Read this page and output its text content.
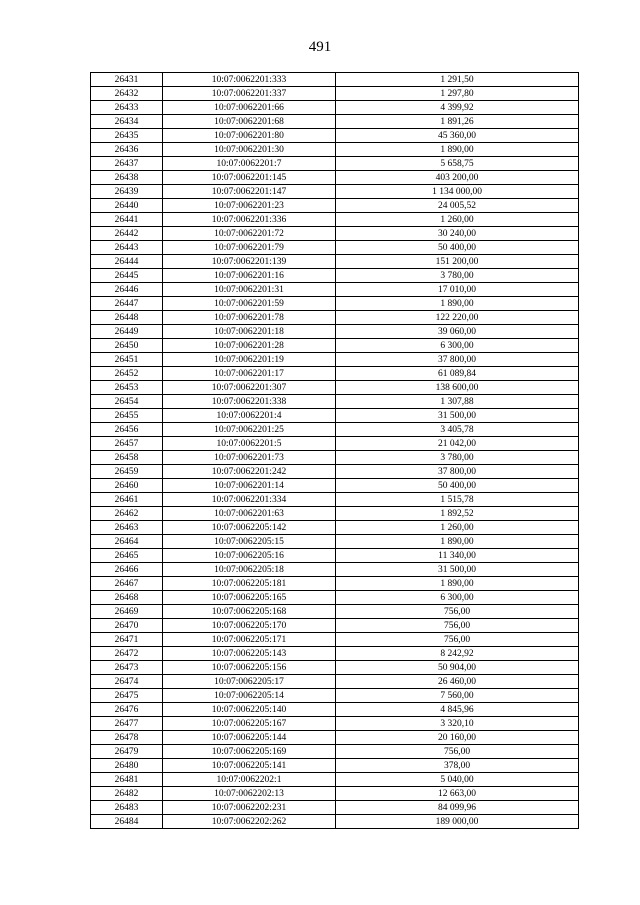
491
26431	10:07:0062201:333	1 291,50
26432	10:07:0062201:337	1 297,80
26433	10:07:0062201:66	4 399,92
26434	10:07:0062201:68	1 891,26
26435	10:07:0062201:80	45 360,00
26436	10:07:0062201:30	1 890,00
26437	10:07:0062201:7	5 658,75
26438	10:07:0062201:145	403 200,00
26439	10:07:0062201:147	1 134 000,00
26440	10:07:0062201:23	24 005,52
26441	10:07:0062201:336	1 260,00
26442	10:07:0062201:72	30 240,00
26443	10:07:0062201:79	50 400,00
26444	10:07:0062201:139	151 200,00
26445	10:07:0062201:16	3 780,00
26446	10:07:0062201:31	17 010,00
26447	10:07:0062201:59	1 890,00
26448	10:07:0062201:78	122 220,00
26449	10:07:0062201:18	39 060,00
26450	10:07:0062201:28	6 300,00
26451	10:07:0062201:19	37 800,00
26452	10:07:0062201:17	61 089,84
26453	10:07:0062201:307	138 600,00
26454	10:07:0062201:338	1 307,88
26455	10:07:0062201:4	31 500,00
26456	10:07:0062201:25	3 405,78
26457	10:07:0062201:5	21 042,00
26458	10:07:0062201:73	3 780,00
26459	10:07:0062201:242	37 800,00
26460	10:07:0062201:14	50 400,00
26461	10:07:0062201:334	1 515,78
26462	10:07:0062201:63	1 892,52
26463	10:07:0062205:142	1 260,00
26464	10:07:0062205:15	1 890,00
26465	10:07:0062205:16	11 340,00
26466	10:07:0062205:18	31 500,00
26467	10:07:0062205:181	1 890,00
26468	10:07:0062205:165	6 300,00
26469	10:07:0062205:168	756,00
26470	10:07:0062205:170	756,00
26471	10:07:0062205:171	756,00
26472	10:07:0062205:143	8 242,92
26473	10:07:0062205:156	50 904,00
26474	10:07:0062205:17	26 460,00
26475	10:07:0062205:14	7 560,00
26476	10:07:0062205:140	4 845,96
26477	10:07:0062205:167	3 320,10
26478	10:07:0062205:144	20 160,00
26479	10:07:0062205:169	756,00
26480	10:07:0062205:141	378,00
26481	10:07:0062202:1	5 040,00
26482	10:07:0062202:13	12 663,00
26483	10:07:0062202:231	84 099,96
26484	10:07:0062202:262	189 000,00
